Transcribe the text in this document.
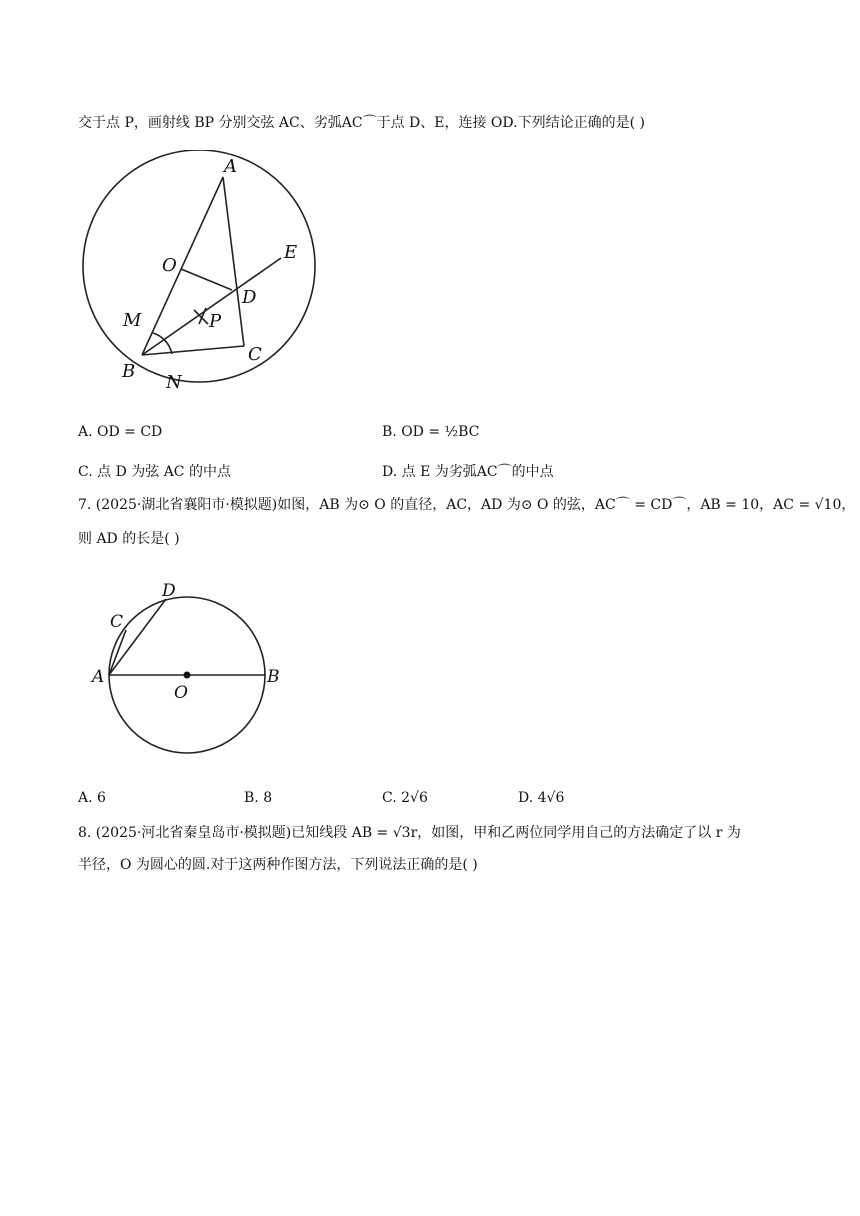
交于点 P，画射线 BP 分别交弦 AC、劣弧AC⌒于点 D、E，连接 OD.下列结论正确的是( )
A
O
E
D
M	P
C
B
N
A. OD = CD	B. OD = ½BC
C. 点 D 为弦 AC 的中点	D. 点 E 为劣弧AC⌒的中点
7. (2025·湖北省襄阳市·模拟题)如图，AB 为⊙ O 的直径，AC，AD 为⊙ O 的弦，AC⌒ = CD⌒，AB = 10，AC = √10，
则 AD 的长是( )
D
C
A
O
B
A. 6	B. 8	C. 2√6	D. 4√6
8. (2025·河北省秦皇岛市·模拟题)已知线段 AB = √3r，如图，甲和乙两位同学用自己的方法确定了以 r 为
半径，O 为圆心的圆.对于这两种作图方法，下列说法正确的是( )
